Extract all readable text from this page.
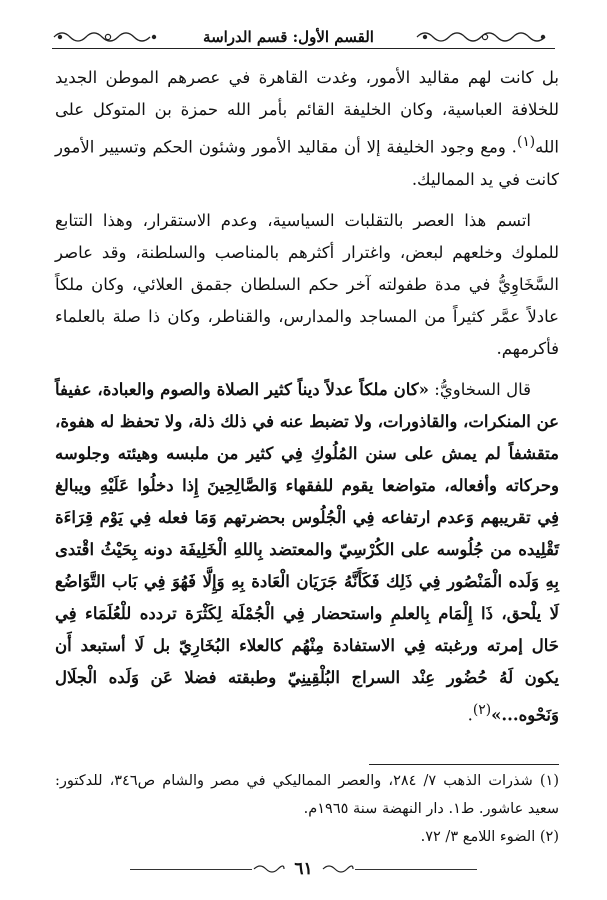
القسم الأول: قسم الدراسة

بل كانت لهم مقاليد الأمور، وغدت القاهرة في عصرهم الموطن الجديد للخلافة العباسية، وكان الخليفة القائم بأمر الله حمزة بن المتوكل على الله$^{(١)}$. ومع وجود الخليفة إلا أن مقاليد الأمور وشئون الحكم وتسيير الأمور كانت في يد المماليك.

اتسم هذا العصر بالتقلبات السياسية، وعدم الاستقرار، وهذا التتابع للملوك وخلعهم لبعض، واغترار أكثرهم بالمناصب والسلطنة، وقد عاصر السَّخَاوِيُّ في مدة طفولته آخر حكم السلطان جقمق العلائي، وكان ملكاً عادلاً عمَّر كثيراً من المساجد والمدارس، والقناطر، وكان ذا صلة بالعلماء فأكرمهم.

قال السخاويُّ: «كان ملكاً عدلاً ديناً كثير الصلاة والصوم والعبادة، عفيفاً عن المنكرات، والقاذورات، ولا تضبط عنه في ذلك ذلة، ولا تحفظ له هفوة، متقشفاً لم يمش على سنن المُلُوكِ فِي كثير من ملبسه وهيئته وجلوسه وحركاته وأفعاله، متواضعا يقوم للفقهاء وَالصَّالِحِينَ إِذا دخلُوا عَلَيْهِ ويبالغ فِي تقريبهم وَعدم ارتفاعه فِي الْجُلُوس بحضرتهم وَمَا فعله فِي يَوْم قِرَاءَة تَقْلِيده من جُلُوسه على الكُرْسِيّ والمعتضد بِاللهِ الْخَلِيفَة دونه بِحَيْثُ اقْتدى بِهِ وَلَده الْمَنْصُور فِي ذَلِك فَكَأَنَّهُ جَرَيَان الْعَادة بِهِ وَإِلَّا فَهُوَ فِي بَاب التَّوَاضُع لَا يلْحق، ذَا إِلْمَام بِالعلمِ واستحضار فِي الْجُمْلَة لِكَثْرَة تردده للْعُلَمَاء فِي حَال إمرته ورغبته فِي الاستفادة مِنْهُم كالعلاء البُخَارِيّ بل لَا أستبعد أَن يكون لَهُ حُضُور عِنْد السراج البُلْقِينِيّ وطبقته فضلا عَن وَلَده الْجلَال وَنَحْوه...»$^{(٢)}$.

(١) شذرات الذهب ٧/ ٢٨٤، والعصر المماليكي في مصر والشام ص٣٤٦، للدكتور: سعيد عاشور. ط١. دار النهضة سنة ١٩٦٥م.

(٢) الضوء اللامع ٣/ ٧٢.

٦١
